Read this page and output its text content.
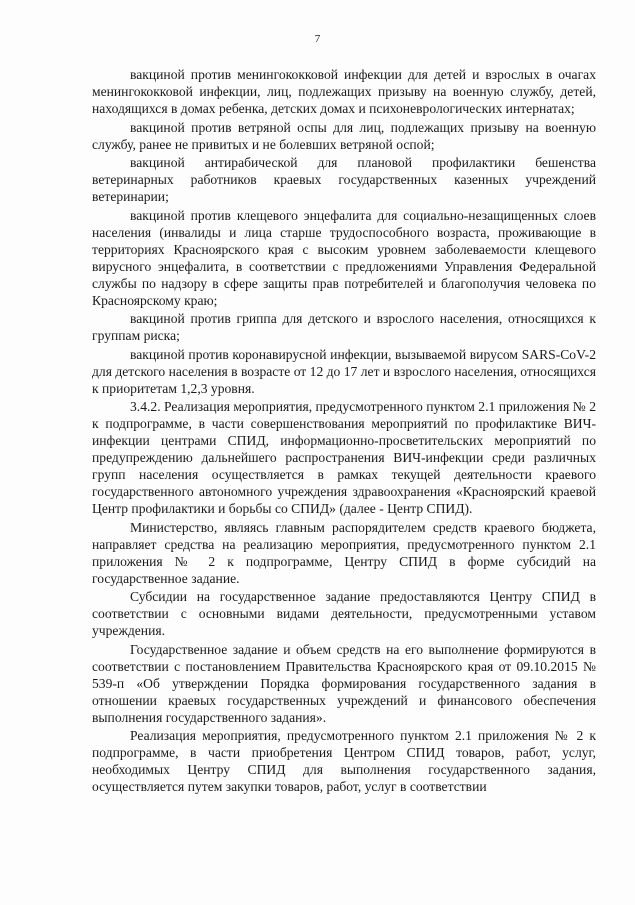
7

вакциной против менингококковой инфекции для детей и взрослых в очагах менингококковой инфекции, лиц, подлежащих призыву на военную службу, детей, находящихся в домах ребенка, детских домах и психоневрологических интернатах;

вакциной против ветряной оспы для лиц, подлежащих призыву на военную службу, ранее не привитых и не болевших ветряной оспой;

вакциной антирабической для плановой профилактики бешенства ветеринарных работников краевых государственных казенных учреждений ветеринарии;

вакциной против клещевого энцефалита для социально-незащищенных слоев населения (инвалиды и лица старше трудоспособного возраста, проживающие в территориях Красноярского края с высоким уровнем заболеваемости клещевого вирусного энцефалита, в соответствии с предложениями Управления Федеральной службы по надзору в сфере защиты прав потребителей и благополучия человека по Красноярскому краю;

вакциной против гриппа для детского и взрослого населения, относящихся к группам риска;

вакциной против коронавирусной инфекции, вызываемой вирусом SARS-CoV-2 для детского населения в возрасте от 12 до 17 лет и взрослого населения, относящихся к приоритетам 1,2,3 уровня.

3.4.2. Реализация мероприятия, предусмотренного пунктом 2.1 приложения № 2 к подпрограмме, в части совершенствования мероприятий по профилактике ВИЧ-инфекции центрами СПИД, информационно-просветительских мероприятий по предупреждению дальнейшего распространения ВИЧ-инфекции среди различных групп населения осуществляется в рамках текущей деятельности краевого государственного автономного учреждения здравоохранения «Красноярский краевой Центр профилактики и борьбы со СПИД» (далее - Центр СПИД).

Министерство, являясь главным распорядителем средств краевого бюджета, направляет средства на реализацию мероприятия, предусмотренного пунктом 2.1 приложения № 2 к подпрограмме, Центру СПИД в форме субсидий на государственное задание.

Субсидии на государственное задание предоставляются Центру СПИД в соответствии с основными видами деятельности, предусмотренными уставом учреждения.

Государственное задание и объем средств на его выполнение формируются в соответствии с постановлением Правительства Красноярского края от 09.10.2015 № 539-п «Об утверждении Порядка формирования государственного задания в отношении краевых государственных учреждений и финансового обеспечения выполнения государственного задания».

Реализация мероприятия, предусмотренного пунктом 2.1 приложения № 2 к подпрограмме, в части приобретения Центром СПИД товаров, работ, услуг, необходимых Центру СПИД для выполнения государственного задания, осуществляется путем закупки товаров, работ, услуг в соответствии
